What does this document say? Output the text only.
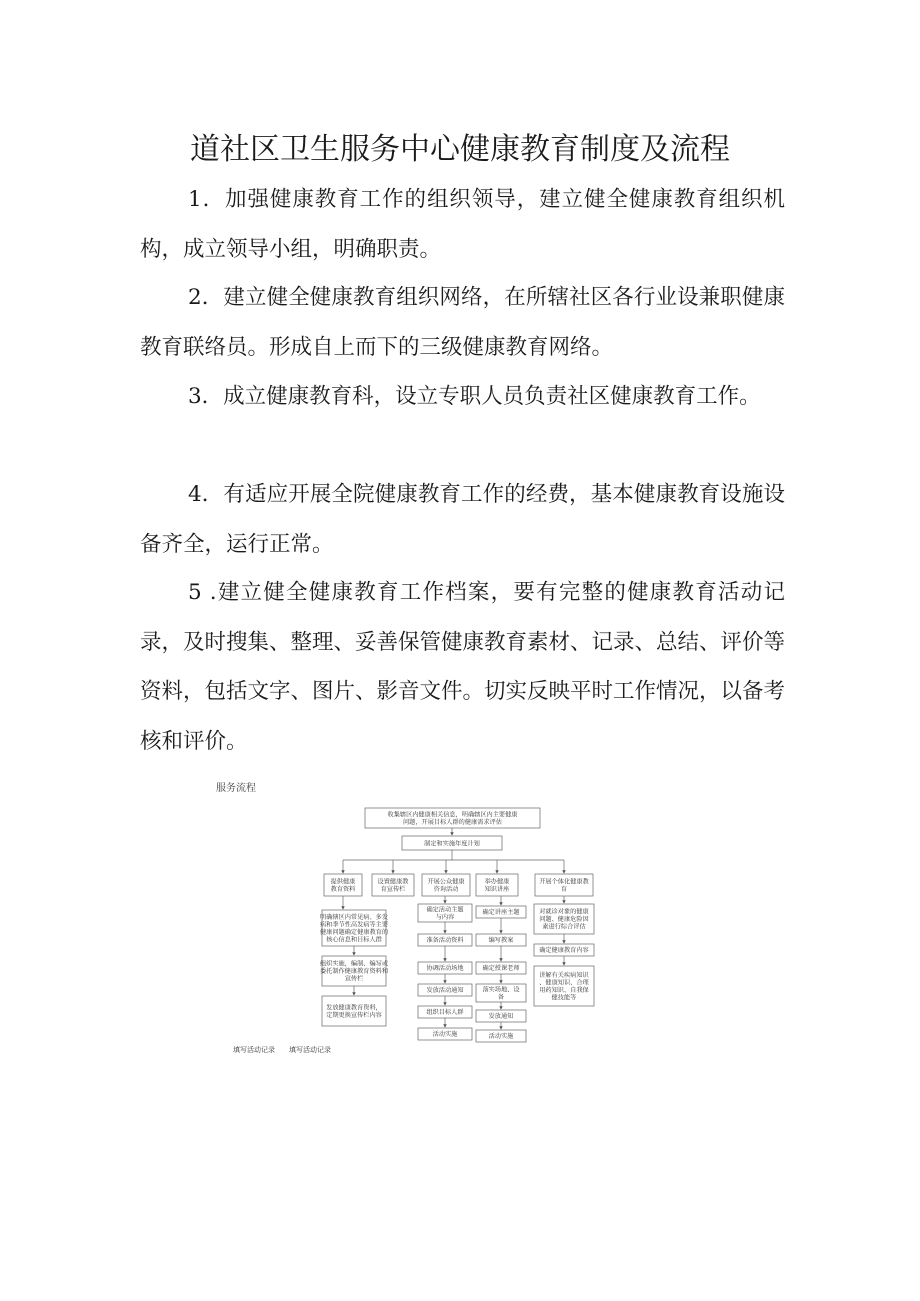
道社区卫生服务中心健康教育制度及流程

1．加强健康教育工作的组织领导，建立健全健康教育组织机构，成立领导小组，明确职责。

2．建立健全健康教育组织网络，在所辖社区各行业设兼职健康教育联络员。形成自上而下的三级健康教育网络。

3．成立健康教育科，设立专职人员负责社区健康教育工作。

4．有适应开展全院健康教育工作的经费，基本健康教育设施设备齐全，运行正常。

5 .建立健全健康教育工作档案，要有完整的健康教育活动记录，及时搜集、整理、妥善保管健康教育素材、记录、总结、评价等资料，包括文字、图片、影音文件。切实反映平时工作情况，以备考核和评价。

服务流程
收集辖区内健康相关信息，明确辖区内主要健康
问题，开展目标人群的健康需求评估
制定和实施年度计划
提供健康
教育资料
设置健康教
育宣传栏
开展公众健康
咨询活动
举办健康
知识讲座
开展个体化健康教
育
明确辖区内常见病、多发
病和季节性高发病等主要
健康问题确定健康教育的
核心信息和目标人群
组织实施，编制、编写或
委托制作健康教育资料和
宣传栏
发放健康教育资料，
定期更换宣传栏内容
确定活动主题
与内容
准备活动资料
协调活动场地
发放活动通知
组织目标人群
活动实施
确定讲座主题
编写教案
确定授课老师
落实场地、设
备
发放通知
活动实施
对就诊对象的健康
问题、健康危险因
素进行综合评估
确定健康教育内容
讲解有关疾病知识
、健康知识、合理
用药知识、自我保
健技能等
填写活动记录 填写活动记录
